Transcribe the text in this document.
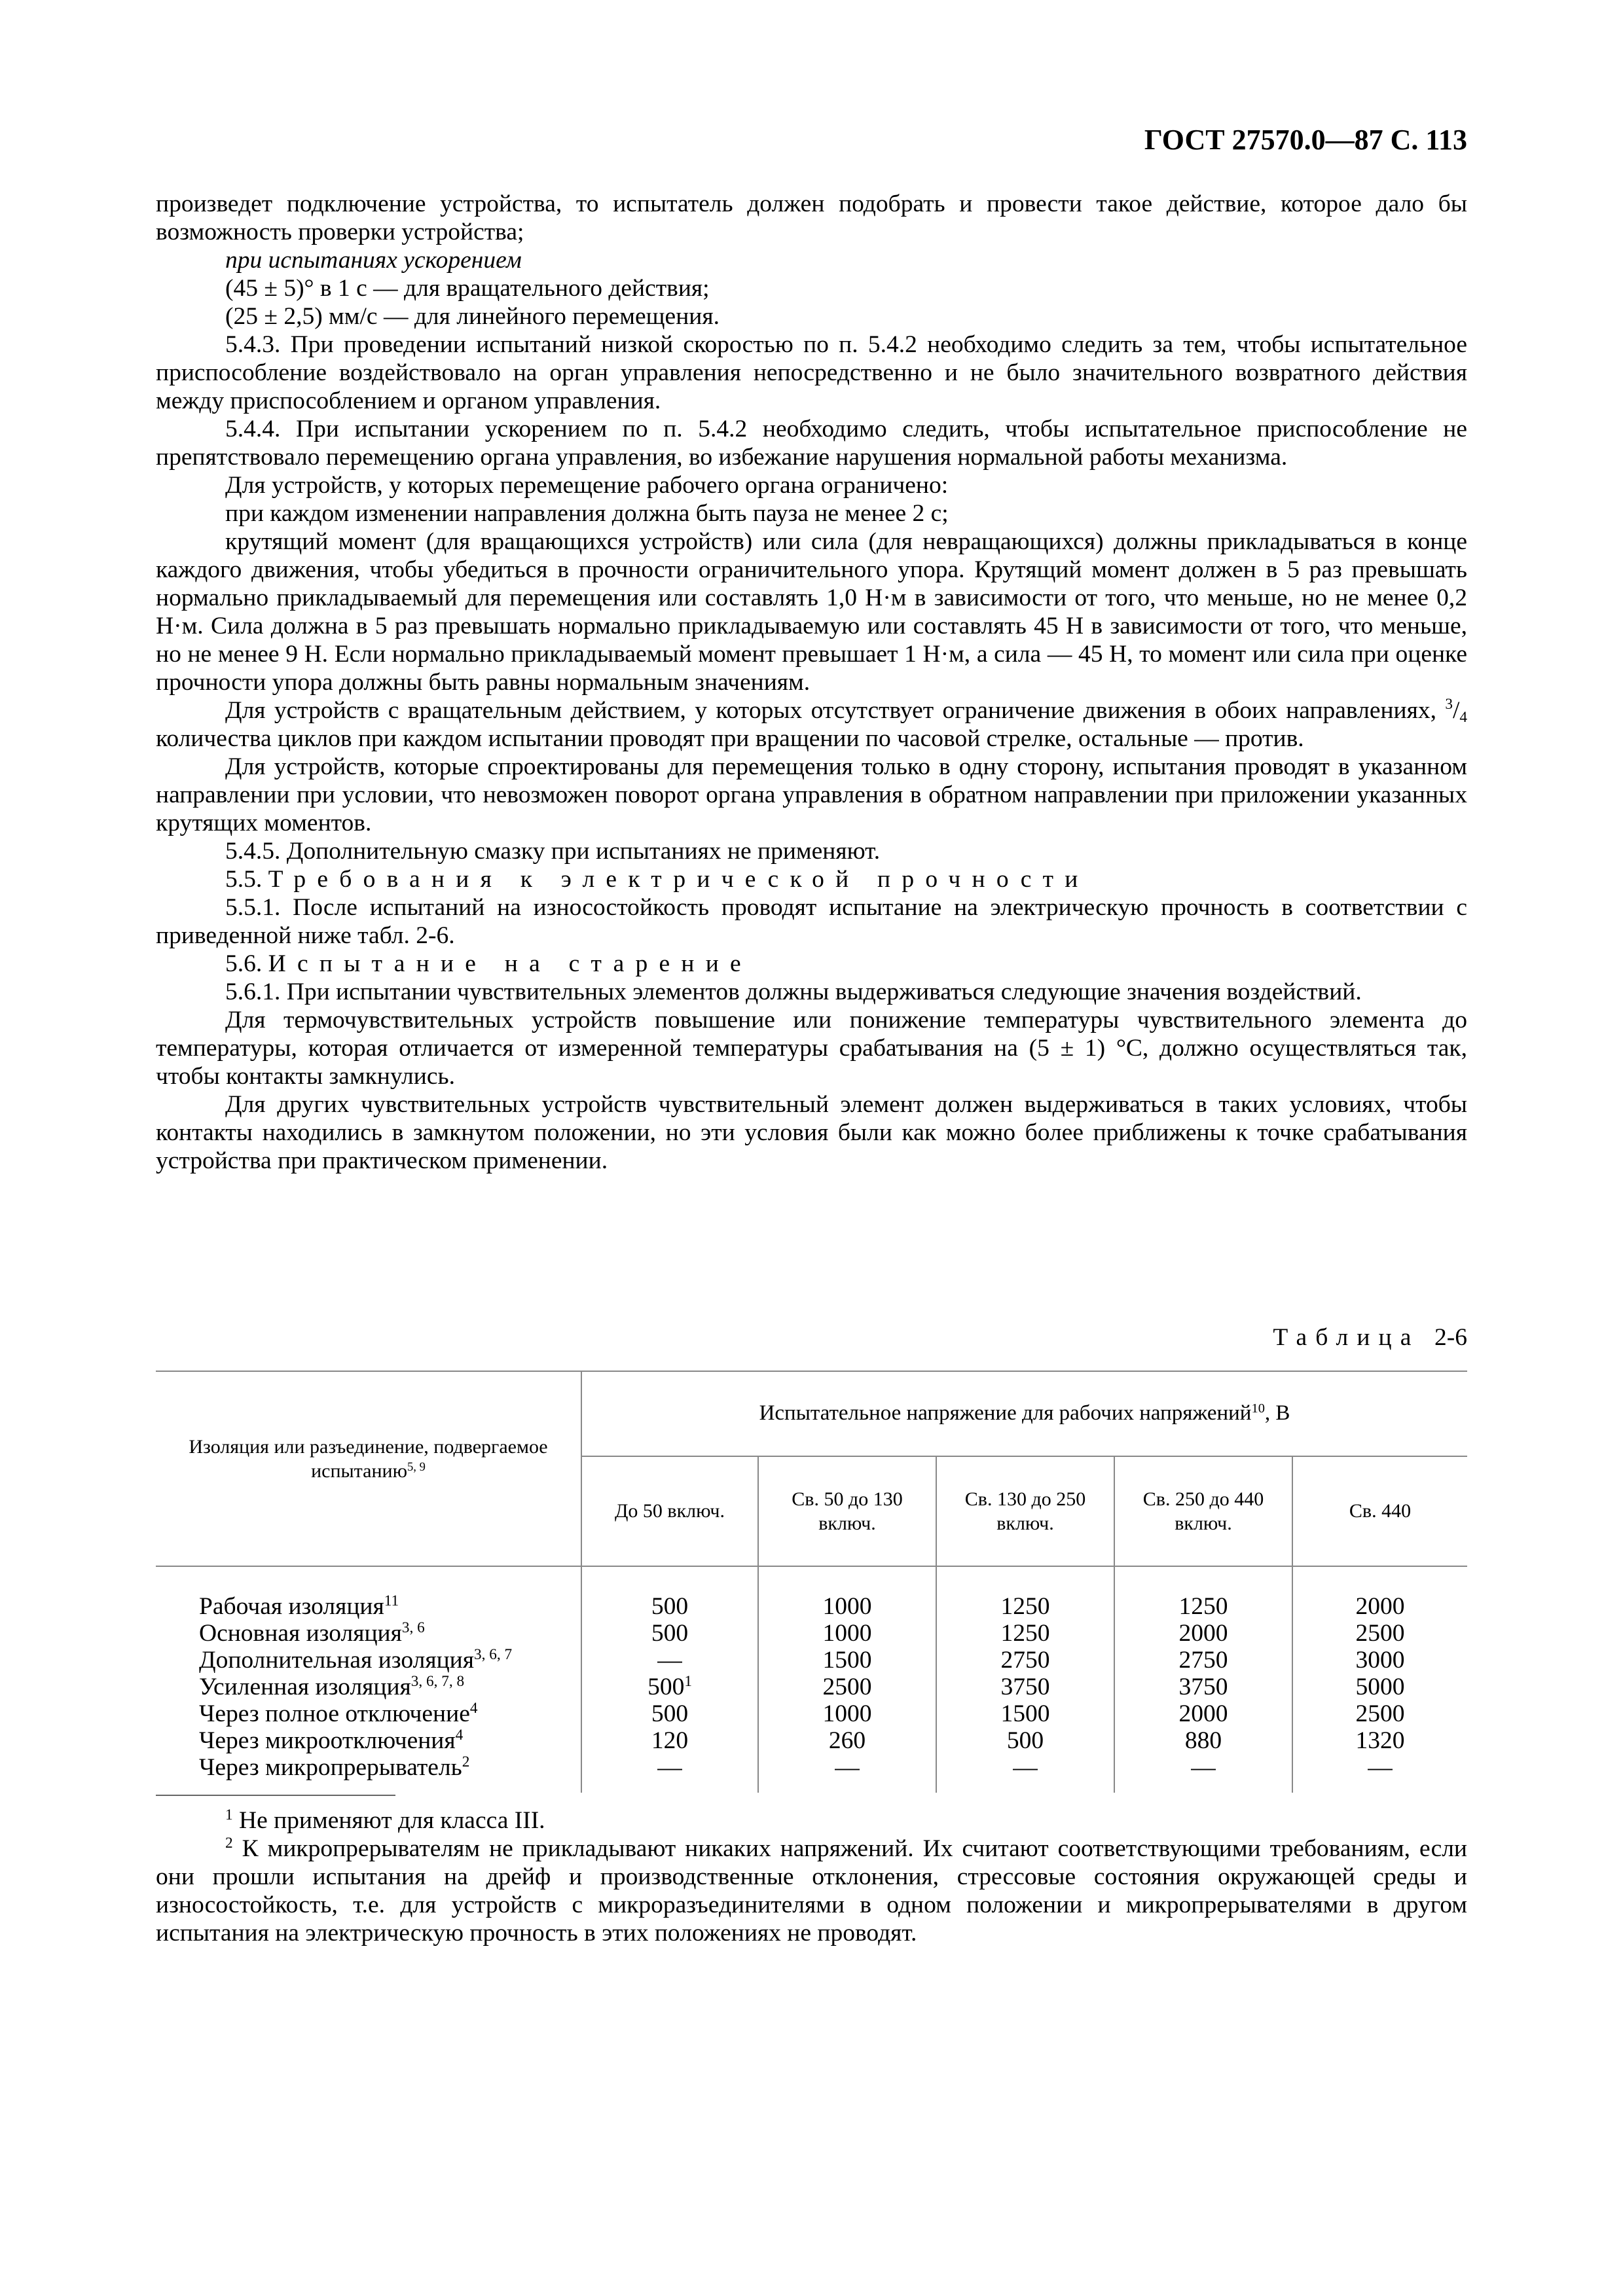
ГОСТ 27570.0—87 С. 113

произведет подключение устройства, то испытатель должен подобрать и провести такое действие, которое дало бы возможность проверки устройства;

при испытаниях ускорением

(45 ± 5)° в 1 с — для вращательного действия;

(25 ± 2,5) мм/с — для линейного перемещения.

5.4.3. При проведении испытаний низкой скоростью по п. 5.4.2 необходимо следить за тем, чтобы испытательное приспособление воздействовало на орган управления непосредственно и не было значительного возвратного действия между приспособлением и органом управления.

5.4.4. При испытании ускорением по п. 5.4.2 необходимо следить, чтобы испытательное приспособление не препятствовало перемещению органа управления, во избежание нарушения нормальной работы механизма.

Для устройств, у которых перемещение рабочего органа ограничено:

при каждом изменении направления должна быть пауза не менее 2 с;

крутящий момент (для вращающихся устройств) или сила (для невращающихся) должны прикладываться в конце каждого движения, чтобы убедиться в прочности ограничительного упора. Крутящий момент должен в 5 раз превышать нормально прикладываемый для перемещения или составлять 1,0 Н·м в зависимости от того, что меньше, но не менее 0,2 Н·м. Сила должна в 5 раз превышать нормально прикладываемую или составлять 45 Н в зависимости от того, что меньше, но не менее 9 Н. Если нормально прикладываемый момент превышает 1 Н·м, а сила — 45 Н, то момент или сила при оценке прочности упора должны быть равны нормальным значениям.

Для устройств с вращательным действием, у которых отсутствует ограничение движения в обоих направлениях, $^3/_4$ количества циклов при каждом испытании проводят при вращении по часовой стрелке, остальные — против.

Для устройств, которые спроектированы для перемещения только в одну сторону, испытания проводят в указанном направлении при условии, что невозможен поворот органа управления в обратном направлении при приложении указанных крутящих моментов.

5.4.5. Дополнительную смазку при испытаниях не применяют.

5.5. Требования к электрической прочности

5.5.1. После испытаний на износостойкость проводят испытание на электрическую прочность в соответствии с приведенной ниже табл. 2-6.

5.6. Испытание на старение

5.6.1. При испытании чувствительных элементов должны выдерживаться следующие значения воздействий.

Для термочувствительных устройств повышение или понижение температуры чувствительного элемента до температуры, которая отличается от измеренной температуры срабатывания на (5 ± 1) °С, должно осуществляться так, чтобы контакты замкнулись.

Для других чувствительных устройств чувствительный элемент должен выдерживаться в таких условиях, чтобы контакты находились в замкнутом положении, но эти условия были как можно более приближены к точке срабатывания устройства при практическом применении.

Таблица 2-6
Изоляция или разъединение, подвергаемое испытанию$^{5, 9}$	Испытательное напряжение для рабочих напряжений$^{10}$, В				
	До 50 включ.	Св. 50 до 130 включ.	Св. 130 до 250 включ.	Св. 250 до 440 включ.	Св. 440

Рабочая изоляция$^{11}$	500	1000	1250	1250	2000
Основная изоляция$^{3, 6}$	500	1000	1250	2000	2500
Дополнительная изоляция$^{3, 6, 7}$	—	1500	2750	2750	3000
Усиленная изоляция$^{3, 6, 7, 8}$	$500^1$	2500	3750	3750	5000
Через полное отключение$^4$	500	1000	1500	2000	2500
Через микроотключения$^4$	120	260	500	880	1320
Через микропрерыватель$^2$	—	—	—	—	—

$^1$ Не применяют для класса III.

$^2$ К микропрерывателям не прикладывают никаких напряжений. Их считают соответствующими требованиям, если они прошли испытания на дрейф и производственные отклонения, стрессовые состояния окружающей среды и износостойкость, т.е. для устройств с микроразъединителями в одном положении и микропрерывателями в другом испытания на электрическую прочность в этих положениях не проводят.
